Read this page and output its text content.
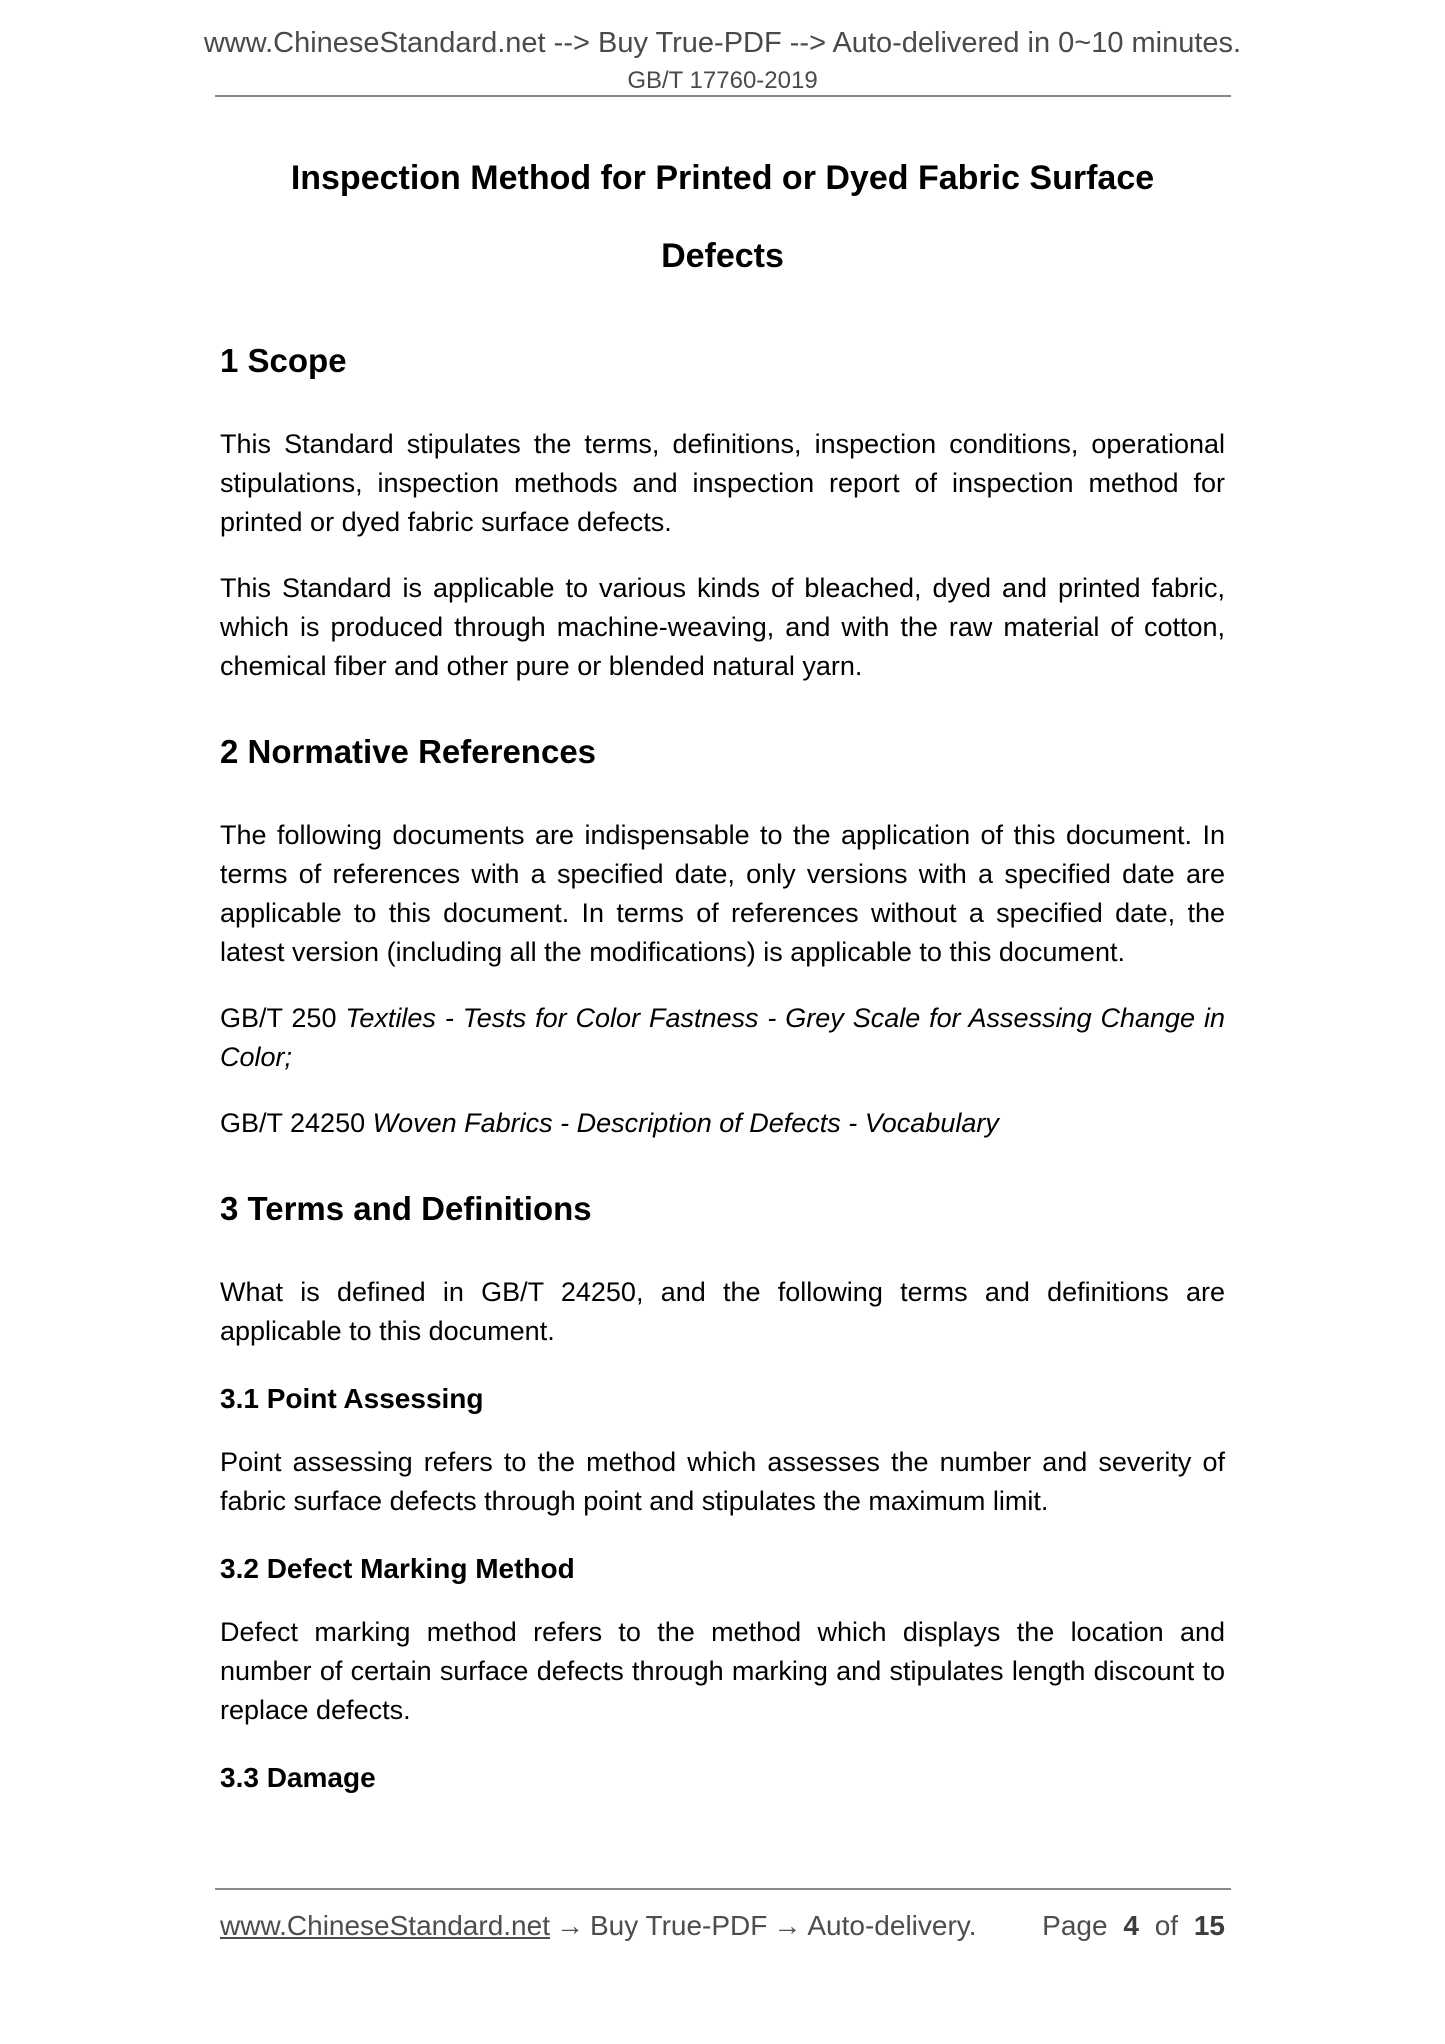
www.ChineseStandard.net --> Buy True-PDF --> Auto-delivered in 0~10 minutes.
GB/T 17760-2019
Inspection Method for Printed or Dyed Fabric Surface
Defects
1 Scope

This Standard stipulates the terms, definitions, inspection conditions, operational stipulations, inspection methods and inspection report of inspection method for printed or dyed fabric surface defects.

This Standard is applicable to various kinds of bleached, dyed and printed fabric, which is produced through machine-weaving, and with the raw material of cotton, chemical fiber and other pure or blended natural yarn.

2 Normative References

The following documents are indispensable to the application of this document. In terms of references with a specified date, only versions with a specified date are applicable to this document. In terms of references without a specified date, the latest version (including all the modifications) is applicable to this document.

GB/T 250 Textiles - Tests for Color Fastness - Grey Scale for Assessing Change in Color;

GB/T 24250 Woven Fabrics - Description of Defects - Vocabulary

3 Terms and Definitions

What is defined in GB/T 24250, and the following terms and definitions are applicable to this document.

3.1 Point Assessing

Point assessing refers to the method which assesses the number and severity of fabric surface defects through point and stipulates the maximum limit.

3.2 Defect Marking Method

Defect marking method refers to the method which displays the location and number of certain surface defects through marking and stipulates length discount to replace defects.

3.3 Damage
www.ChineseStandard.net → Buy True-PDF → Auto-delivery. Page 4 of 15
